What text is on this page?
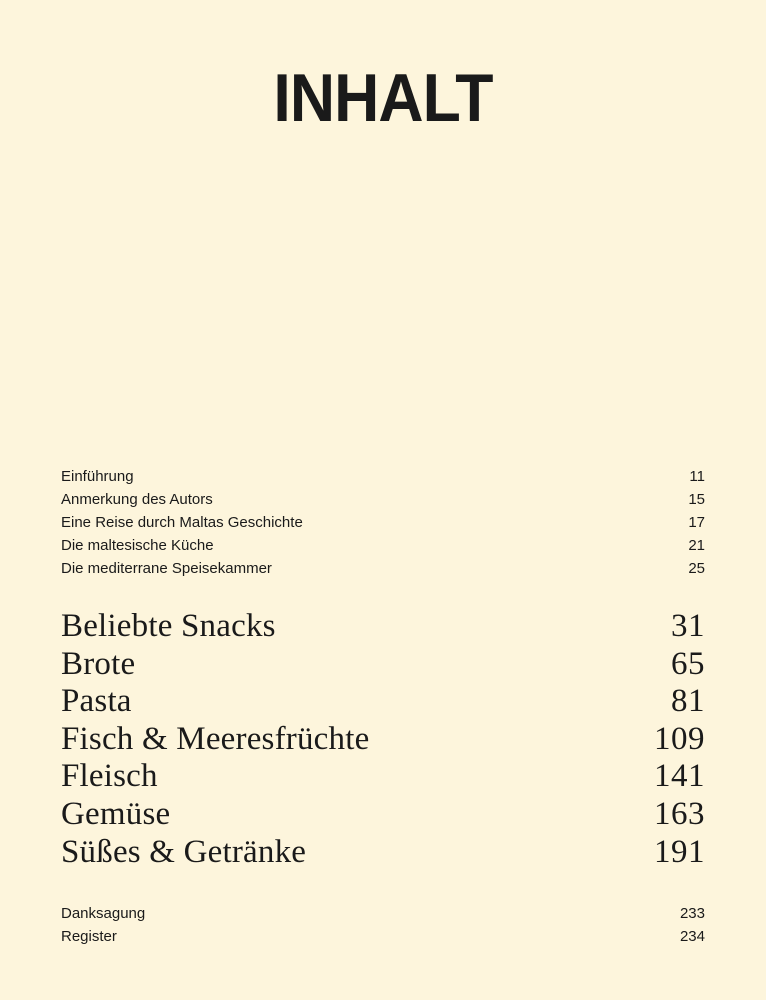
INHALT
Einführung	11
Anmerkung des Autors	15
Eine Reise durch Maltas Geschichte	17
Die maltesische Küche	21
Die mediterrane Speisekammer	25
Beliebte Snacks	31
Brote	65
Pasta	81
Fisch & Meeresfrüchte	109
Fleisch	141
Gemüse	163
Süßes & Getränke	191
Danksagung	233
Register	234
